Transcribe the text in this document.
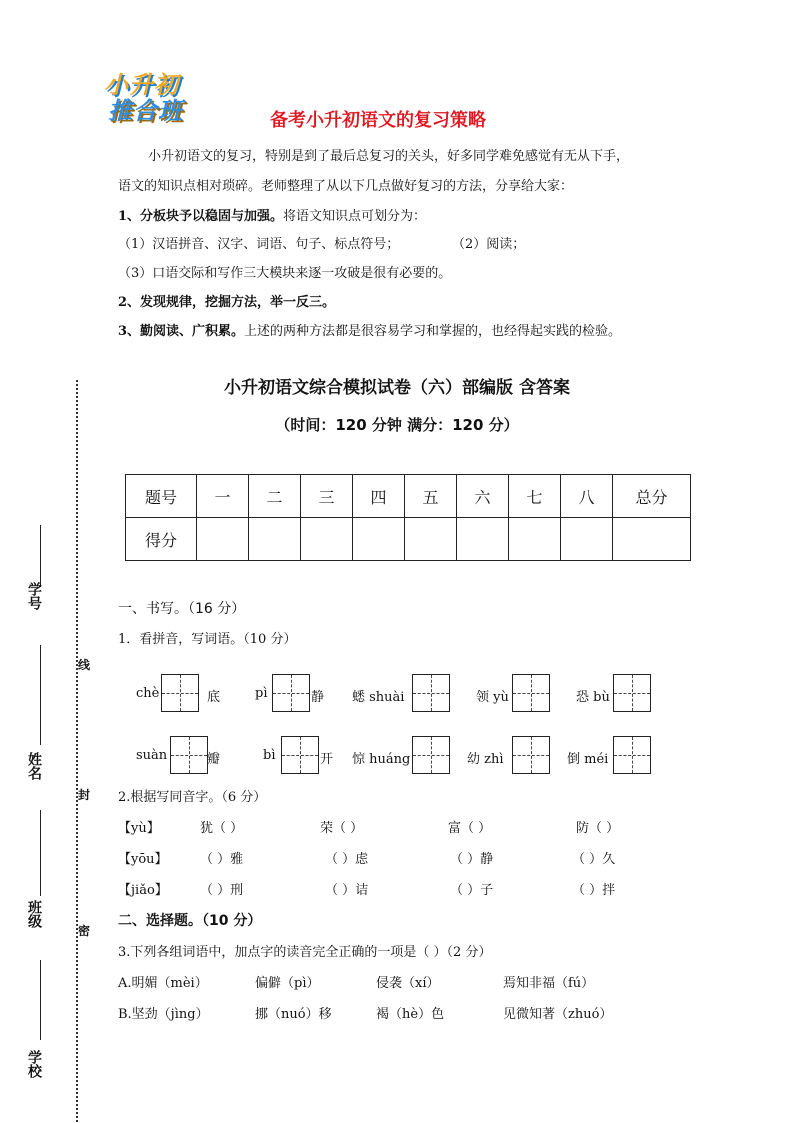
小升初
推合班	备考小升初语文的复习策略
小升初语文的复习，特别是到了最后总复习的关头，好多同学难免感觉有无从下手，
语文的知识点相对琐碎。老师整理了从以下几点做好复习的方法，分享给大家：
1、分板块予以稳固与加强。将语文知识点可划分为：
（1）汉语拼音、汉字、词语、句子、标点符号；	（2）阅读；
（3）口语交际和写作三大模块来逐一攻破是很有必要的。
2、发现规律，挖掘方法，举一反三。
3、勤阅读、广积累。上述的两种方法都是很容易学习和掌握的，也经得起实践的检验。
小升初语文综合模拟试卷（六）部编版 含答案
（时间：120 分钟 满分：120 分）
题号	一	二	三	四	五	六	七	八	总分
得分									
一、书写。（16 分）
1．看拼音，写词语。（10 分）
chè	底	pì	静 蟋 shuài	领 yù	恐 bù
suàn	瓣	bì	开 惊 huáng	幼 zhì	倒 méi
2.根据写同音字。（6 分）
【yù】	犹（ ）	荣（ ）	富（ ）	防（ ）
【yōu】 （ ）雅	（ ）虑	（ ）静	（ ）久
【jiǎo】 （ ）刑	（ ）诘	（ ）子	（ ）拌
二、选择题。（10 分）
3.下列各组词语中，加点字的读音完全正确的一项是（ ）（2 分）
A.明媚（mèi）	偏僻（pì）	侵袭（xí）	焉知非福（fú）
B.坚劲（jìng）	挪（nuó）移	褐（hè）色	见微知著（zhuó）
学号
姓名
班级
学校
线
封
密
